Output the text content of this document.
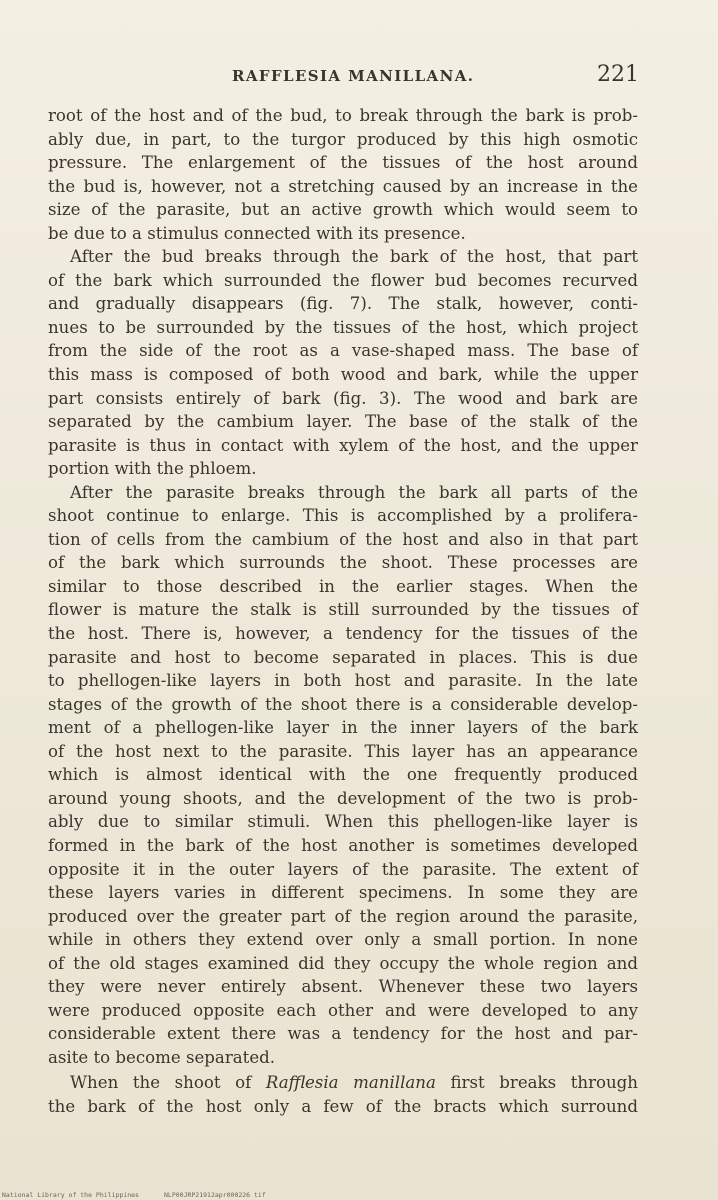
RAFFLESIA MANILLANA.	221
root of the host and of the bud, to break through the bark is prob-
ably due, in part, to the turgor produced by this high osmotic
pressure. The enlargement of the tissues of the host around
the bud is, however, not a stretching caused by an increase in the
size of the parasite, but an active growth which would seem to
be due to a stimulus connected with its presence.
After the bud breaks through the bark of the host, that part
of the bark which surrounded the flower bud becomes recurved
and gradually disappears (fig. 7). The stalk, however, conti-
nues to be surrounded by the tissues of the host, which project
from the side of the root as a vase-shaped mass. The base of
this mass is composed of both wood and bark, while the upper
part consists entirely of bark (fig. 3). The wood and bark are
separated by the cambium layer. The base of the stalk of the
parasite is thus in contact with xylem of the host, and the upper
portion with the phloem.
After the parasite breaks through the bark all parts of the
shoot continue to enlarge. This is accomplished by a prolifera-
tion of cells from the cambium of the host and also in that part
of the bark which surrounds the shoot. These processes are
similar to those described in the earlier stages. When the
flower is mature the stalk is still surrounded by the tissues of
the host. There is, however, a tendency for the tissues of the
parasite and host to become separated in places. This is due
to phellogen-like layers in both host and parasite. In the late
stages of the growth of the shoot there is a considerable develop-
ment of a phellogen-like layer in the inner layers of the bark
of the host next to the parasite. This layer has an appearance
which is almost identical with the one frequently produced
around young shoots, and the development of the two is prob-
ably due to similar stimuli. When this phellogen-like layer is
formed in the bark of the host another is sometimes developed
opposite it in the outer layers of the parasite. The extent of
these layers varies in different specimens. In some they are
produced over the greater part of the region around the parasite,
while in others they extend over only a small portion. In none
of the old stages examined did they occupy the whole region and
they were never entirely absent. Whenever these two layers
were produced opposite each other and were developed to any
considerable extent there was a tendency for the host and par-
asite to become separated.
When the shoot of Rafflesia manillana first breaks through
the bark of the host only a few of the bracts which surround
National Library of the Philippines	NLP00JRP21912apr000226 tif
